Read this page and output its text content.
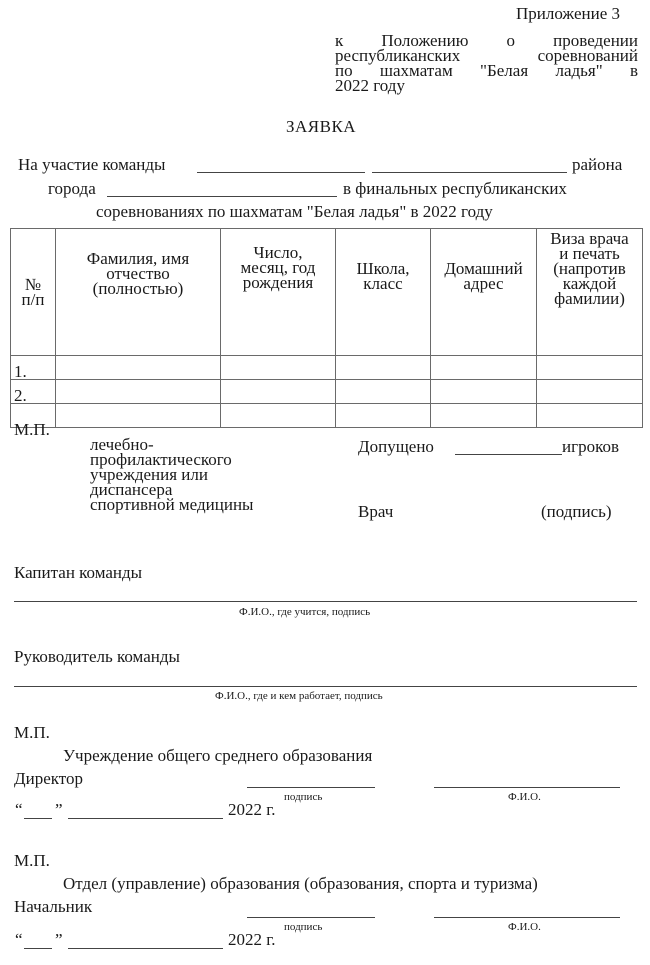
Приложение 3
к Положению о проведении
республиканских соревнований
по шахматам "Белая ладья" в
2022 году
ЗАЯВКА
На участие команды	района
города	в финальных республиканских
соревнованиях по шахматам "Белая ладья" в 2022 году
№ п/п	Фамилия, имя отчество (полностью)	Число, месяц, год рождения	Школа, класс	Домашний адрес	Виза врача и печать (напротив каждой фамилии)
1.					
2.					

М.П.
лечебно-
профилактического
учреждения или
диспансера
спортивной медицины
Допущено	игроков
Врач	(подпись)
Капитан команды
Ф.И.О., где учится, подпись
Руководитель команды
Ф.И.О., где и кем работает, подпись
М.П.
Учреждение общего среднего образования
Директор
подпись	Ф.И.О.
“ ”	2022 г.
М.П.
Отдел (управление) образования (образования, спорта и туризма)
Начальник
подпись	Ф.И.О.
“ ”	2022 г.
